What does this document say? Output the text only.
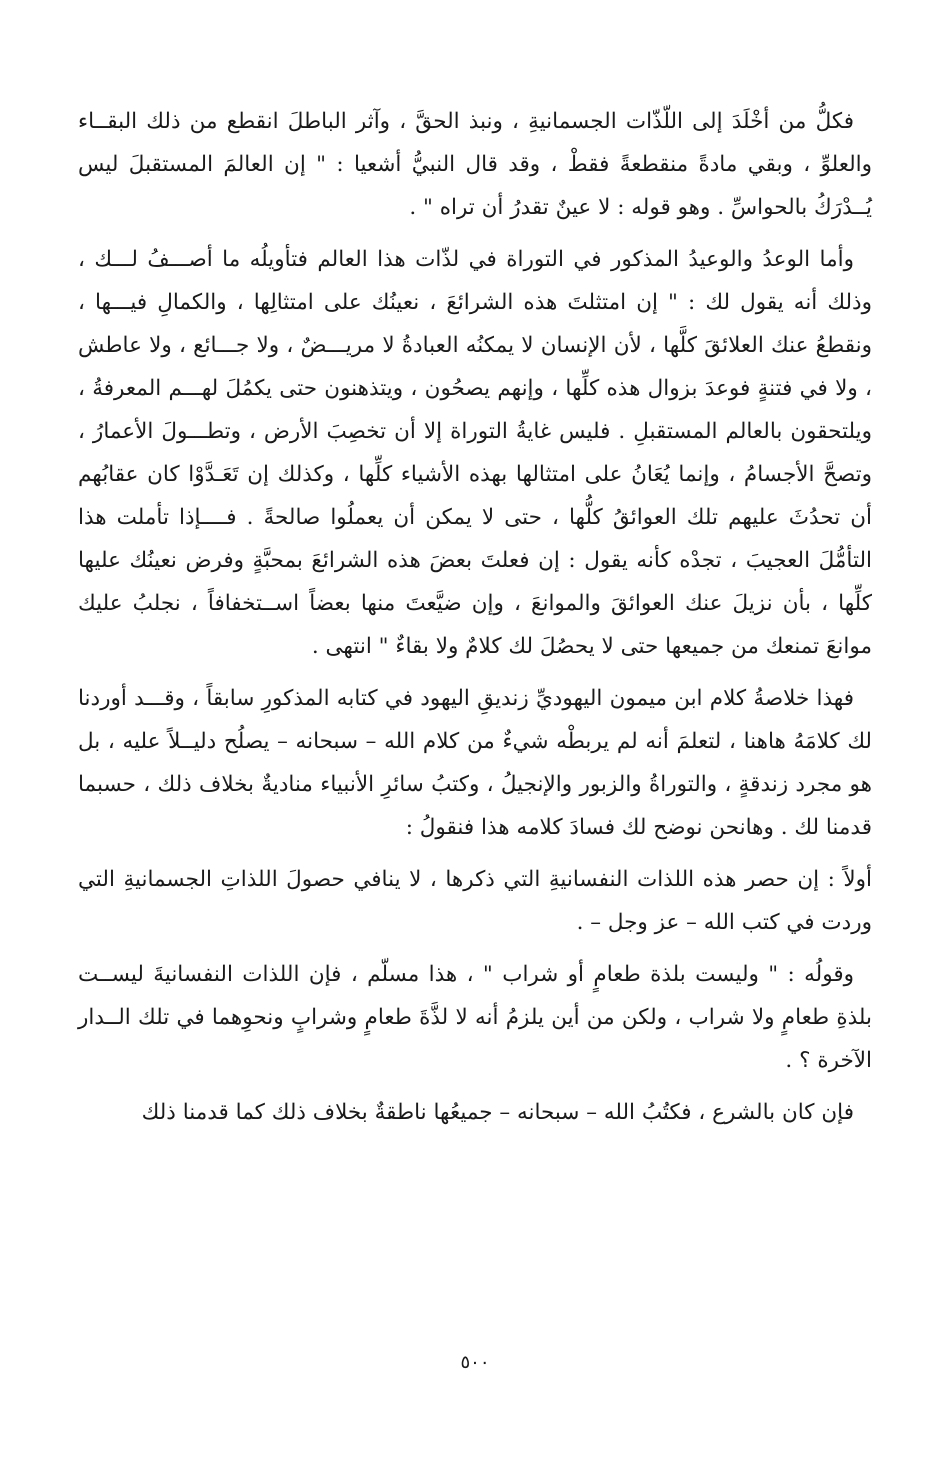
فكلُّ من أخْلَدَ إلى اللّذّات الجسمانيةِ ، ونبذ الحقَّ ، وآثر الباطلَ انقطع من ذلك البقــاء والعلوِّ ، وبقي مادةً منقطعةً فقطْ ، وقد قال النبيُّ أشعيا : " إن العالمَ المستقبلَ ليس يُــدْرَكُ بالحواسِّ . وهو قوله : لا عينٌ تقدرُ أن تراه " .

وأما الوعدُ والوعيدُ المذكور في التوراة في لذّات هذا العالم فتأويلُه ما أصـــفُ لـــك ، وذلك أنه يقول لك : " إن امتثلتَ هذه الشرائعَ ، نعينُك على امتثالِها ، والكمالِ فيـــها ، ونقطعُ عنك العلائقَ كلَّها ، لأن الإنسان لا يمكنُه العبادةُ لا مريـــضٌ ، ولا جـــائع ، ولا عاطش ، ولا في فتنةٍ فوعدَ بزوال هذه كلِّها ، وإنهم يصحُون ، ويتذهنون حتى يكمُلَ لهـــم المعرفةُ ، ويلتحقون بالعالم المستقبلِ . فليس غايةُ التوراة إلا أن تخصِبَ الأرض ، وتطـــولَ الأعمارُ ، وتصحَّ الأجسامُ ، وإنما يُعَانُ على امتثالها بهذه الأشياء كلِّها ، وكذلك إن تَعَـدَّوْا كان عقابُهم أن تحدُثَ عليهم تلك العوائقُ كلُّها ، حتى لا يمكن أن يعملُوا صالحةً . فــــإذا تأملت هذا التأمُّلَ العجيبَ ، تجدْه كأنه يقول : إن فعلتَ بعضَ هذه الشرائعَ بمحبَّةٍ وفرض نعينُك عليها كلِّها ، بأن نزيلَ عنك العوائقَ والموانعَ ، وإن ضيَّعتَ منها بعضاً اســتخفافاً ، نجلبُ عليك موانعَ تمنعك من جميعها حتى لا يحصُلَ لك كلامٌ ولا بقاءٌ " انتهى .

فهذا خلاصةُ كلام ابن ميمون اليهوديِّ زنديقِ اليهود في كتابه المذكورِ سابقاً ، وقـــد أوردنا لك كلامَهُ هاهنا ، لتعلمَ أنه لم يربطْه شيءٌ من كلام الله – سبحانه – يصلُح دليــلاً عليه ، بل هو مجرد زندقةٍ ، والتوراةُ والزبور والإنجيلُ ، وكتبُ سائرِ الأنبياء مناديةٌ بخلاف ذلك ، حسبما قدمنا لك . وهانحن نوضح لك فسادَ كلامه هذا فنقولُ :

أولاً : إن حصر هذه اللذات النفسانيةِ التي ذكرها ، لا ينافي حصولَ اللذاتِ الجسمانيةِ التي وردت في كتب الله – عز وجل – .

وقولُه : " وليست بلذة طعامٍ أو شراب " ، هذا مسلّم ، فإن اللذات النفسانيةَ ليســت بلذةِ طعامٍ ولا شراب ، ولكن من أين يلزمُ أنه لا لذَّةَ طعامٍ وشرابٍ ونحوِهما في تلك الــدار الآخرة ؟ .

فإن كان بالشرع ، فكتُبُ الله – سبحانه – جميعُها ناطقةٌ بخلاف ذلك كما قدمنا ذلك

٥٠٠
